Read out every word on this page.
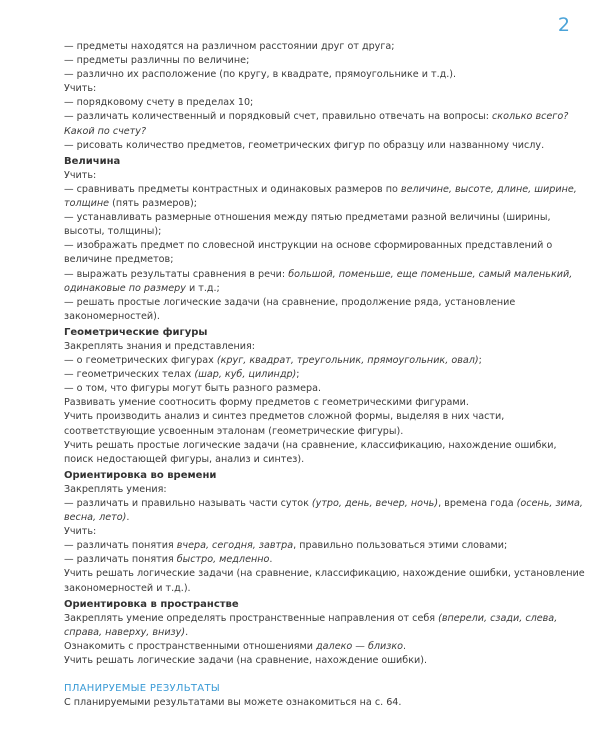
2

— предметы находятся на различном расстоянии друг от друга;

— предметы различны по величине;

— различно их расположение (по кругу, в квадрате, прямоугольнике и т.д.).

Учить:

— порядковому счету в пределах 10;

— различать количественный и порядковый счет, правильно отвечать на вопросы: сколько всего? Какой по счету?

— рисовать количество предметов, геометрических фигур по образцу или названному числу.

Величина

Учить:

— сравнивать предметы контрастных и одинаковых размеров по величине, высоте, длине, ширине, толщине (пять размеров);

— устанавливать размерные отношения между пятью предметами разной величины (ширины, высоты, толщины);

— изображать предмет по словесной инструкции на основе сформированных представлений о величине предметов;

— выражать результаты сравнения в речи: большой, поменьше, еще поменьше, самый маленький, одинаковые по размеру и т.д.;

— решать простые логические задачи (на сравнение, продолжение ряда, установление закономерностей).

Геометрические фигуры

Закреплять знания и представления:

— о геометрических фигурах (круг, квадрат, треугольник, прямоугольник, овал);

— геометрических телах (шар, куб, цилиндр);

— о том, что фигуры могут быть разного размера.

Развивать умение соотносить форму предметов с геометрическими фигурами.

Учить производить анализ и синтез предметов сложной формы, выделяя в них части, соответствующие усвоенным эталонам (геометрические фигуры).

Учить решать простые логические задачи (на сравнение, классификацию, нахождение ошибки, поиск недостающей фигуры, анализ и синтез).

Ориентировка во времени

Закреплять умения:

— различать и правильно называть части суток (утро, день, вечер, ночь), времена года (осень, зима, весна, лето).

Учить:

— различать понятия вчера, сегодня, завтра, правильно пользоваться этими словами;

— различать понятия быстро, медленно.

Учить решать логические задачи (на сравнение, классификацию, нахождение ошибки, установление закономерностей и т.д.).

Ориентировка в пространстве

Закреплять умение определять пространственные направления от себя (вперели, сзади, слева, справа, наверху, внизу).

Ознакомить с пространственными отношениями далеко — близко.

Учить решать логические задачи (на сравнение, нахождение ошибки).

ПЛАНИРУЕМЫЕ РЕЗУЛЬТАТЫ

С планируемыми результатами вы можете ознакомиться на с. 64.
